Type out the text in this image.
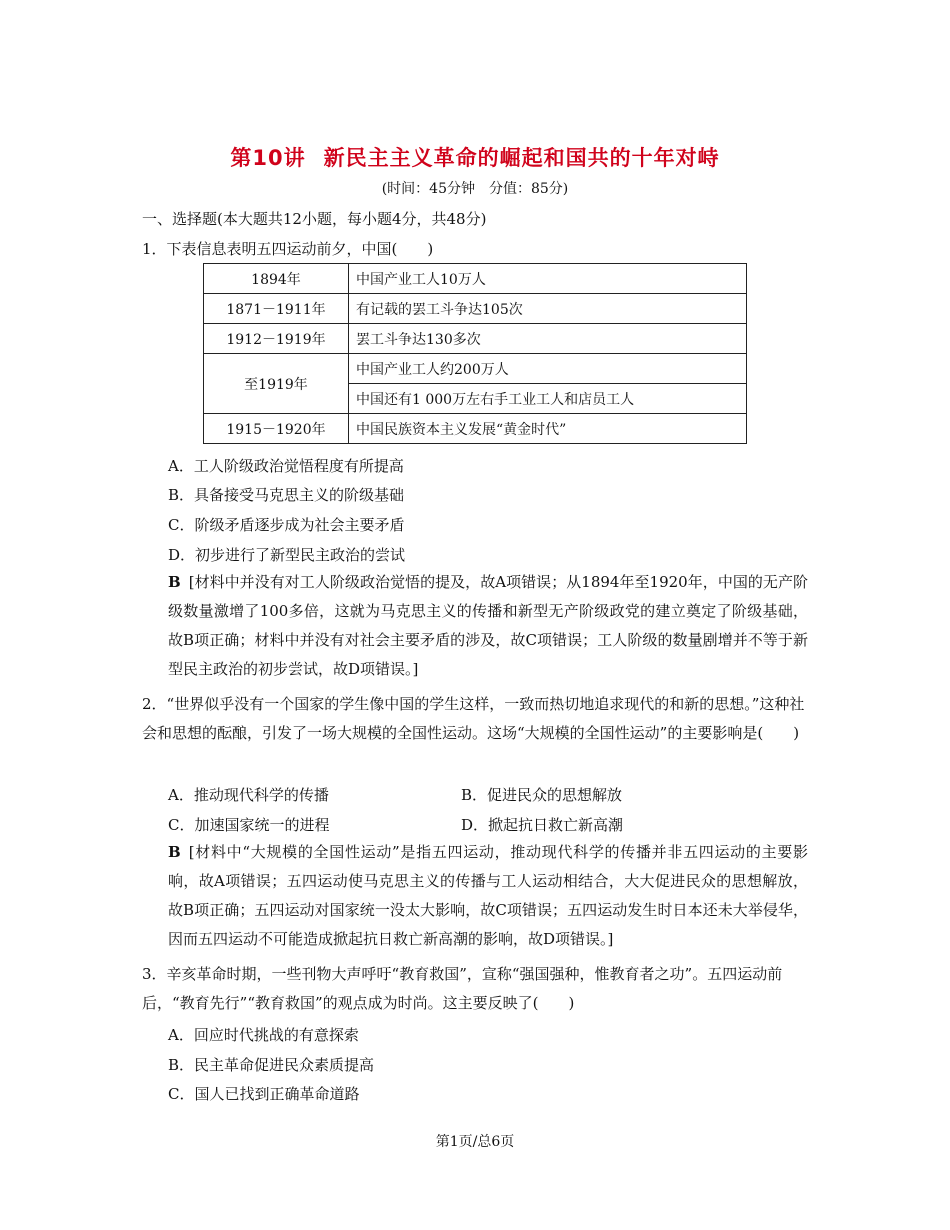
第10讲 新民主主义革命的崛起和国共的十年对峙
(时间：45分钟　分值：85分)
一、选择题(本大题共12小题，每小题4分，共48分)
1．下表信息表明五四运动前夕，中国(　　)
1894年	中国产业工人10万人
1871－1911年	有记载的罢工斗争达105次
1912－1919年	罢工斗争达130多次
至1919年	中国产业工人约200万人
	中国还有1 000万左右手工业工人和店员工人
1915－1920年	中国民族资本主义发展“黄金时代”
A．工人阶级政治觉悟程度有所提高
B．具备接受马克思主义的阶级基础
C．阶级矛盾逐步成为社会主要矛盾
D．初步进行了新型民主政治的尝试
B [材料中并没有对工人阶级政治觉悟的提及，故A项错误；从1894年至1920年，中国的无产阶级数量激增了100多倍，这就为马克思主义的传播和新型无产阶级政党的建立奠定了阶级基础，故B项正确；材料中并没有对社会主要矛盾的涉及，故C项错误；工人阶级的数量剧增并不等于新型民主政治的初步尝试，故D项错误。]
2．“世界似乎没有一个国家的学生像中国的学生这样，一致而热切地追求现代的和新的思想。”这种社会和思想的酝酿，引发了一场大规模的全国性运动。这场“大规模的全国性运动”的主要影响是(　　)
A．推动现代科学的传播	B．促进民众的思想解放
C．加速国家统一的进程	D．掀起抗日救亡新高潮
B [材料中“大规模的全国性运动”是指五四运动，推动现代科学的传播并非五四运动的主要影响，故A项错误；五四运动使马克思主义的传播与工人运动相结合，大大促进民众的思想解放，故B项正确；五四运动对国家统一没太大影响，故C项错误；五四运动发生时日本还未大举侵华，因而五四运动不可能造成掀起抗日救亡新高潮的影响，故D项错误。]
3．辛亥革命时期，一些刊物大声呼吁“教育救国”，宣称“强国强种，惟教育者之功”。五四运动前后，“教育先行”“教育救国”的观点成为时尚。这主要反映了(　　)
A．回应时代挑战的有意探索
B．民主革命促进民众素质提高
C．国人已找到正确革命道路
第1页/总6页
